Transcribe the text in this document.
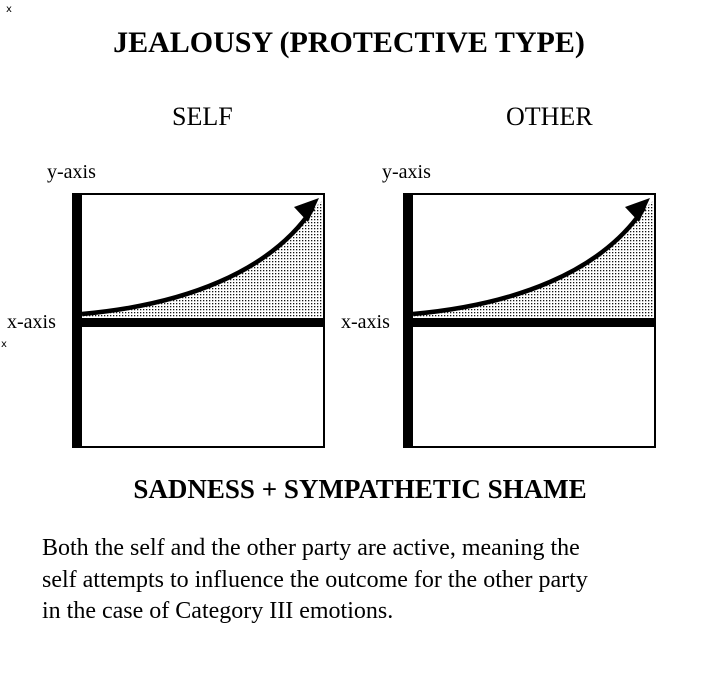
x
x
JEALOUSY (PROTECTIVE TYPE)
SELF	OTHER
y-axis	y-axis
x-axis	x-axis
SADNESS + SYMPATHETIC SHAME
Both the self and the other party are active, meaning the
self attempts to influence the outcome for the other party
in the case of Category III emotions.
